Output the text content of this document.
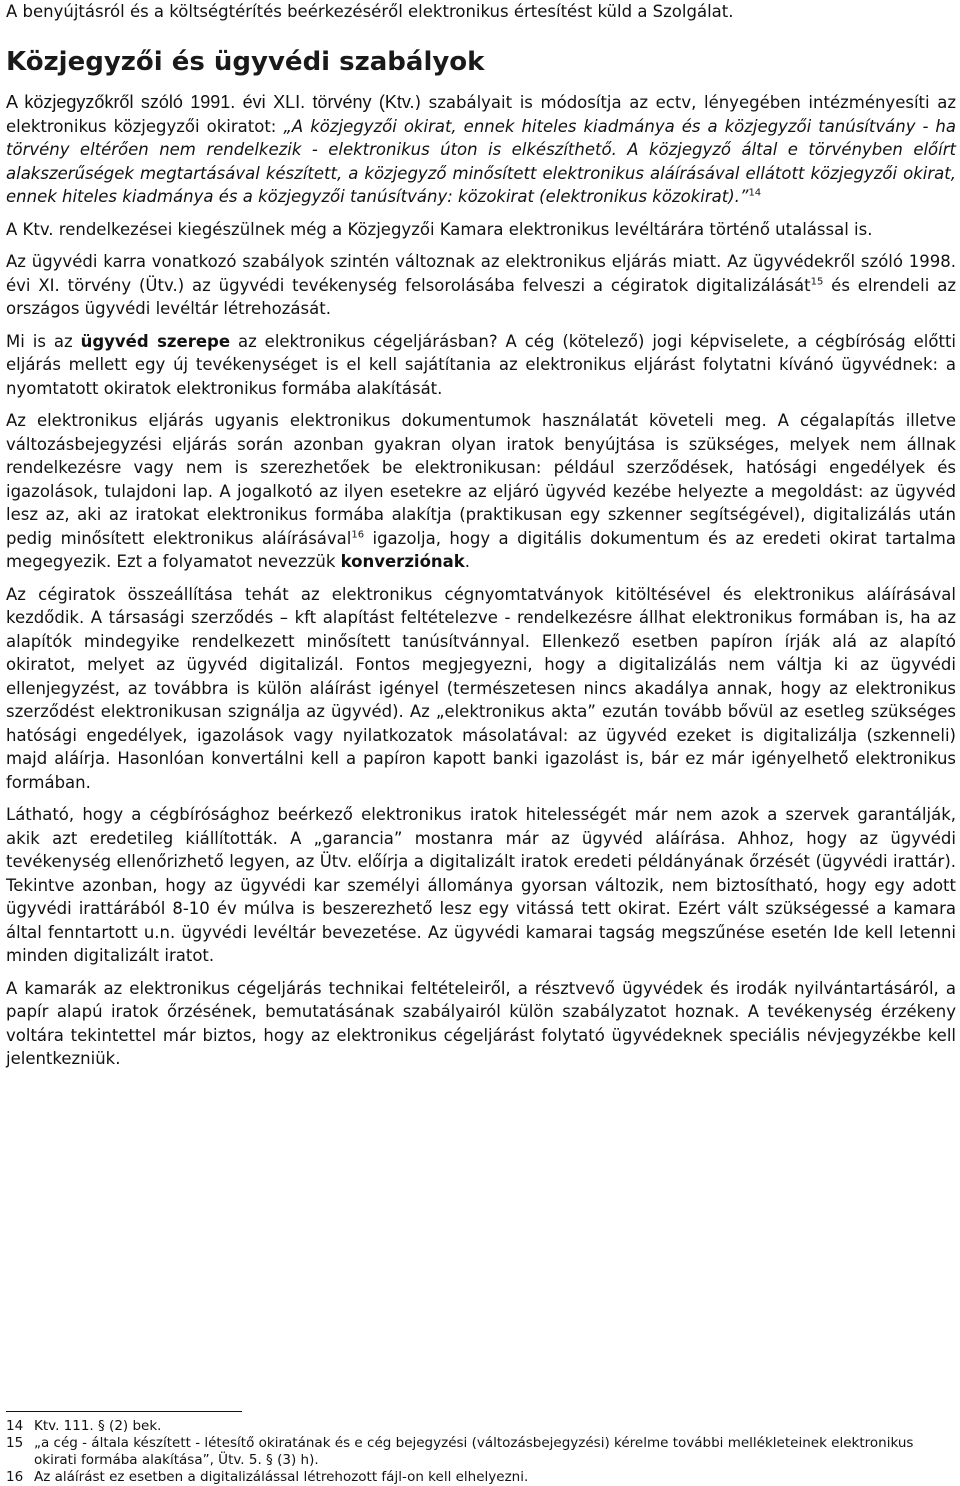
A benyújtásról és a költségtérítés beérkezéséről elektronikus értesítést küld a Szolgálat.

Közjegyzői és ügyvédi szabályok

A közjegyzőkről szóló 1991. évi XLI. törvény (Ktv.) szabályait is módosítja az ectv, lényegében intézményesíti az elektronikus közjegyzői okiratot: „A közjegyzői okirat, ennek hiteles kiadmánya és a közjegyzői tanúsítvány - ha törvény eltérően nem rendelkezik - elektronikus úton is elkészíthető. A közjegyző által e törvényben előírt alakszerűségek megtartásával készített, a közjegyző minősített elektronikus aláírásával ellátott közjegyzői okirat, ennek hiteles kiadmánya és a közjegyzői tanúsítvány: közokirat (elektronikus közokirat).”$^{14}$

A Ktv. rendelkezései kiegészülnek még a Közjegyzői Kamara elektronikus levéltárára történő utalással is.

Az ügyvédi karra vonatkozó szabályok szintén változnak az elektronikus eljárás miatt. Az ügyvédekről szóló 1998. évi XI. törvény (Ütv.) az ügyvédi tevékenység felsorolásába felveszi a cégiratok digitalizálását$^{15}$ és elrendeli az országos ügyvédi levéltár létrehozását.

Mi is az ügyvéd szerepe az elektronikus cégeljárásban? A cég (kötelező) jogi képviselete, a cégbíróság előtti eljárás mellett egy új tevékenységet is el kell sajátítania az elektronikus eljárást folytatni kívánó ügyvédnek: a nyomtatott okiratok elektronikus formába alakítását.

Az elektronikus eljárás ugyanis elektronikus dokumentumok használatát követeli meg. A cégalapítás illetve változásbejegyzési eljárás során azonban gyakran olyan iratok benyújtása is szükséges, melyek nem állnak rendelkezésre vagy nem is szerezhetőek be elektronikusan: például szerződések, hatósági engedélyek és igazolások, tulajdoni lap. A jogalkotó az ilyen esetekre az eljáró ügyvéd kezébe helyezte a megoldást: az ügyvéd lesz az, aki az iratokat elektronikus formába alakítja (praktikusan egy szkenner segítségével), digitalizálás után pedig minősített elektronikus aláírásával$^{16}$ igazolja, hogy a digitális dokumentum és az eredeti okirat tartalma megegyezik. Ezt a folyamatot nevezzük konverziónak.

Az cégiratok összeállítása tehát az elektronikus cégnyomtatványok kitöltésével és elektronikus aláírásával kezdődik. A társasági szerződés – kft alapítást feltételezve - rendelkezésre állhat elektronikus formában is, ha az alapítók mindegyike rendelkezett minősített tanúsítvánnyal. Ellenkező esetben papíron írják alá az alapító okiratot, melyet az ügyvéd digitalizál. Fontos megjegyezni, hogy a digitalizálás nem váltja ki az ügyvédi ellenjegyzést, az továbbra is külön aláírást igényel (természetesen nincs akadálya annak, hogy az elektronikus szerződést elektronikusan szignálja az ügyvéd). Az „elektronikus akta” ezután tovább bővül az esetleg szükséges hatósági engedélyek, igazolások vagy nyilatkozatok másolatával: az ügyvéd ezeket is digitalizálja (szkenneli) majd aláírja. Hasonlóan konvertálni kell a papíron kapott banki igazolást is, bár ez már igényelhető elektronikus formában.

Látható, hogy a cégbírósághoz beérkező elektronikus iratok hitelességét már nem azok a szervek garantálják, akik azt eredetileg kiállították. A „garancia” mostanra már az ügyvéd aláírása. Ahhoz, hogy az ügyvédi tevékenység ellenőrizhető legyen, az Ütv. előírja a digitalizált iratok eredeti példányának őrzését (ügyvédi irattár). Tekintve azonban, hogy az ügyvédi kar személyi állománya gyorsan változik, nem biztosítható, hogy egy adott ügyvédi irattárából 8-10 év múlva is beszerezhető lesz egy vitássá tett okirat. Ezért vált szükségessé a kamara által fenntartott u.n. ügyvédi levéltár bevezetése. Az ügyvédi kamarai tagság megszűnése esetén Ide kell letenni minden digitalizált iratot.

A kamarák az elektronikus cégeljárás technikai feltételeiről, a résztvevő ügyvédek és irodák nyilvántartásáról, a papír alapú iratok őrzésének, bemutatásának szabályairól külön szabályzatot hoznak. A tevékenység érzékeny voltára tekintettel már biztos, hogy az elektronikus cégeljárást folytató ügyvédeknek speciális névjegyzékbe kell jelentkezniük.

14 Ktv. 111. § (2) bek.

15 „a cég - általa készített - létesítő okiratának és e cég bejegyzési (változásbejegyzési) kérelme további mellékleteinek elektronikus okirati formába alakítása”, Ütv. 5. § (3) h).

16 Az aláírást ez esetben a digitalizálással létrehozott fájl-on kell elhelyezni.
